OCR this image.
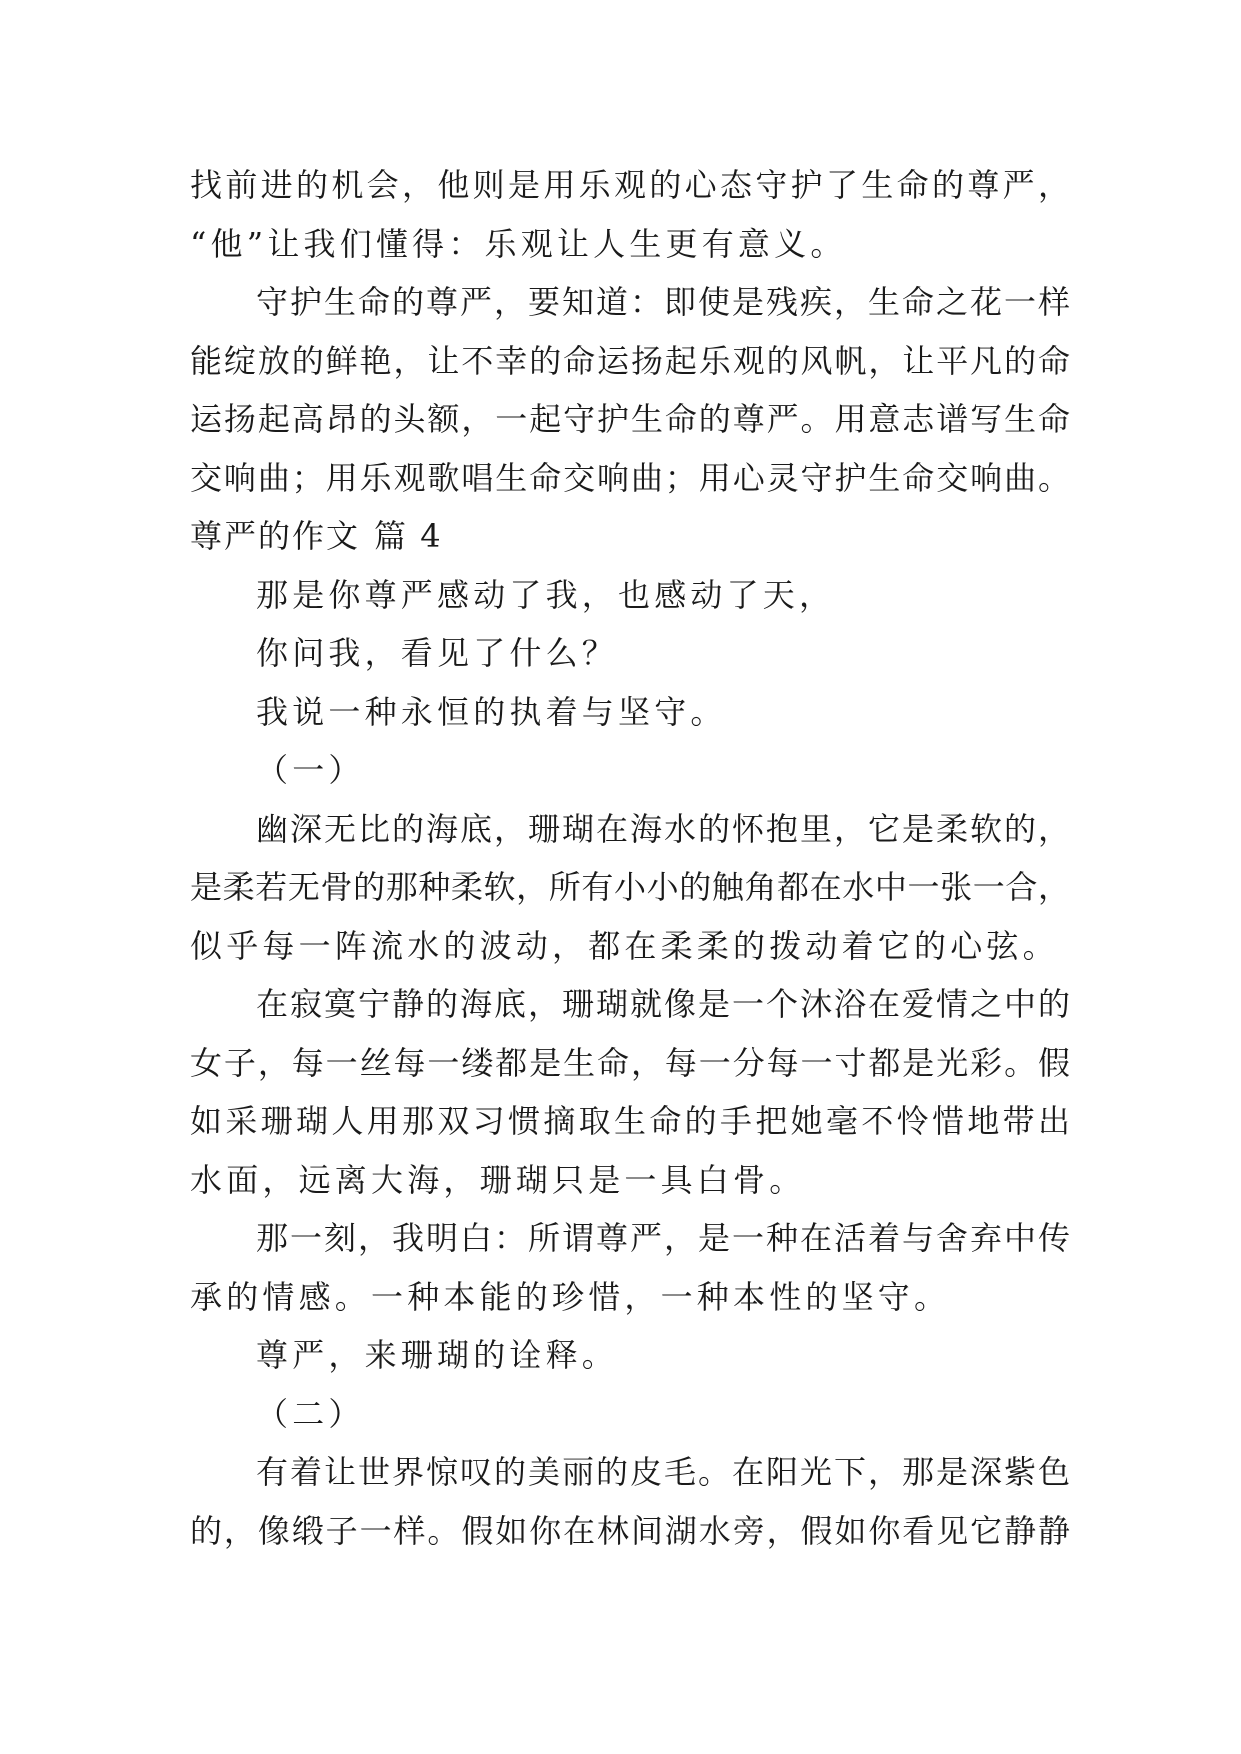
找前进的机会，他则是用乐观的心态守护了生命的尊严，
“他”让我们懂得：乐观让人生更有意义。
守护生命的尊严，要知道：即使是残疾，生命之花一样
能绽放的鲜艳，让不幸的命运扬起乐观的风帆，让平凡的命
运扬起高昂的头额，一起守护生命的尊严。用意志谱写生命
交响曲；用乐观歌唱生命交响曲；用心灵守护生命交响曲。
尊严的作文 篇 4
那是你尊严感动了我，也感动了天，
你问我，看见了什么？
我说一种永恒的执着与坚守。
（一）
幽深无比的海底，珊瑚在海水的怀抱里，它是柔软的，
是柔若无骨的那种柔软，所有小小的触角都在水中一张一合，
似乎每一阵流水的波动，都在柔柔的拨动着它的心弦。
在寂寞宁静的海底，珊瑚就像是一个沐浴在爱情之中的
女子，每一丝每一缕都是生命，每一分每一寸都是光彩。假
如采珊瑚人用那双习惯摘取生命的手把她毫不怜惜地带出
水面，远离大海，珊瑚只是一具白骨。
那一刻，我明白：所谓尊严，是一种在活着与舍弃中传
承的情感。一种本能的珍惜，一种本性的坚守。
尊严，来珊瑚的诠释。
（二）
有着让世界惊叹的美丽的皮毛。在阳光下，那是深紫色
的，像缎子一样。假如你在林间湖水旁，假如你看见它静静
